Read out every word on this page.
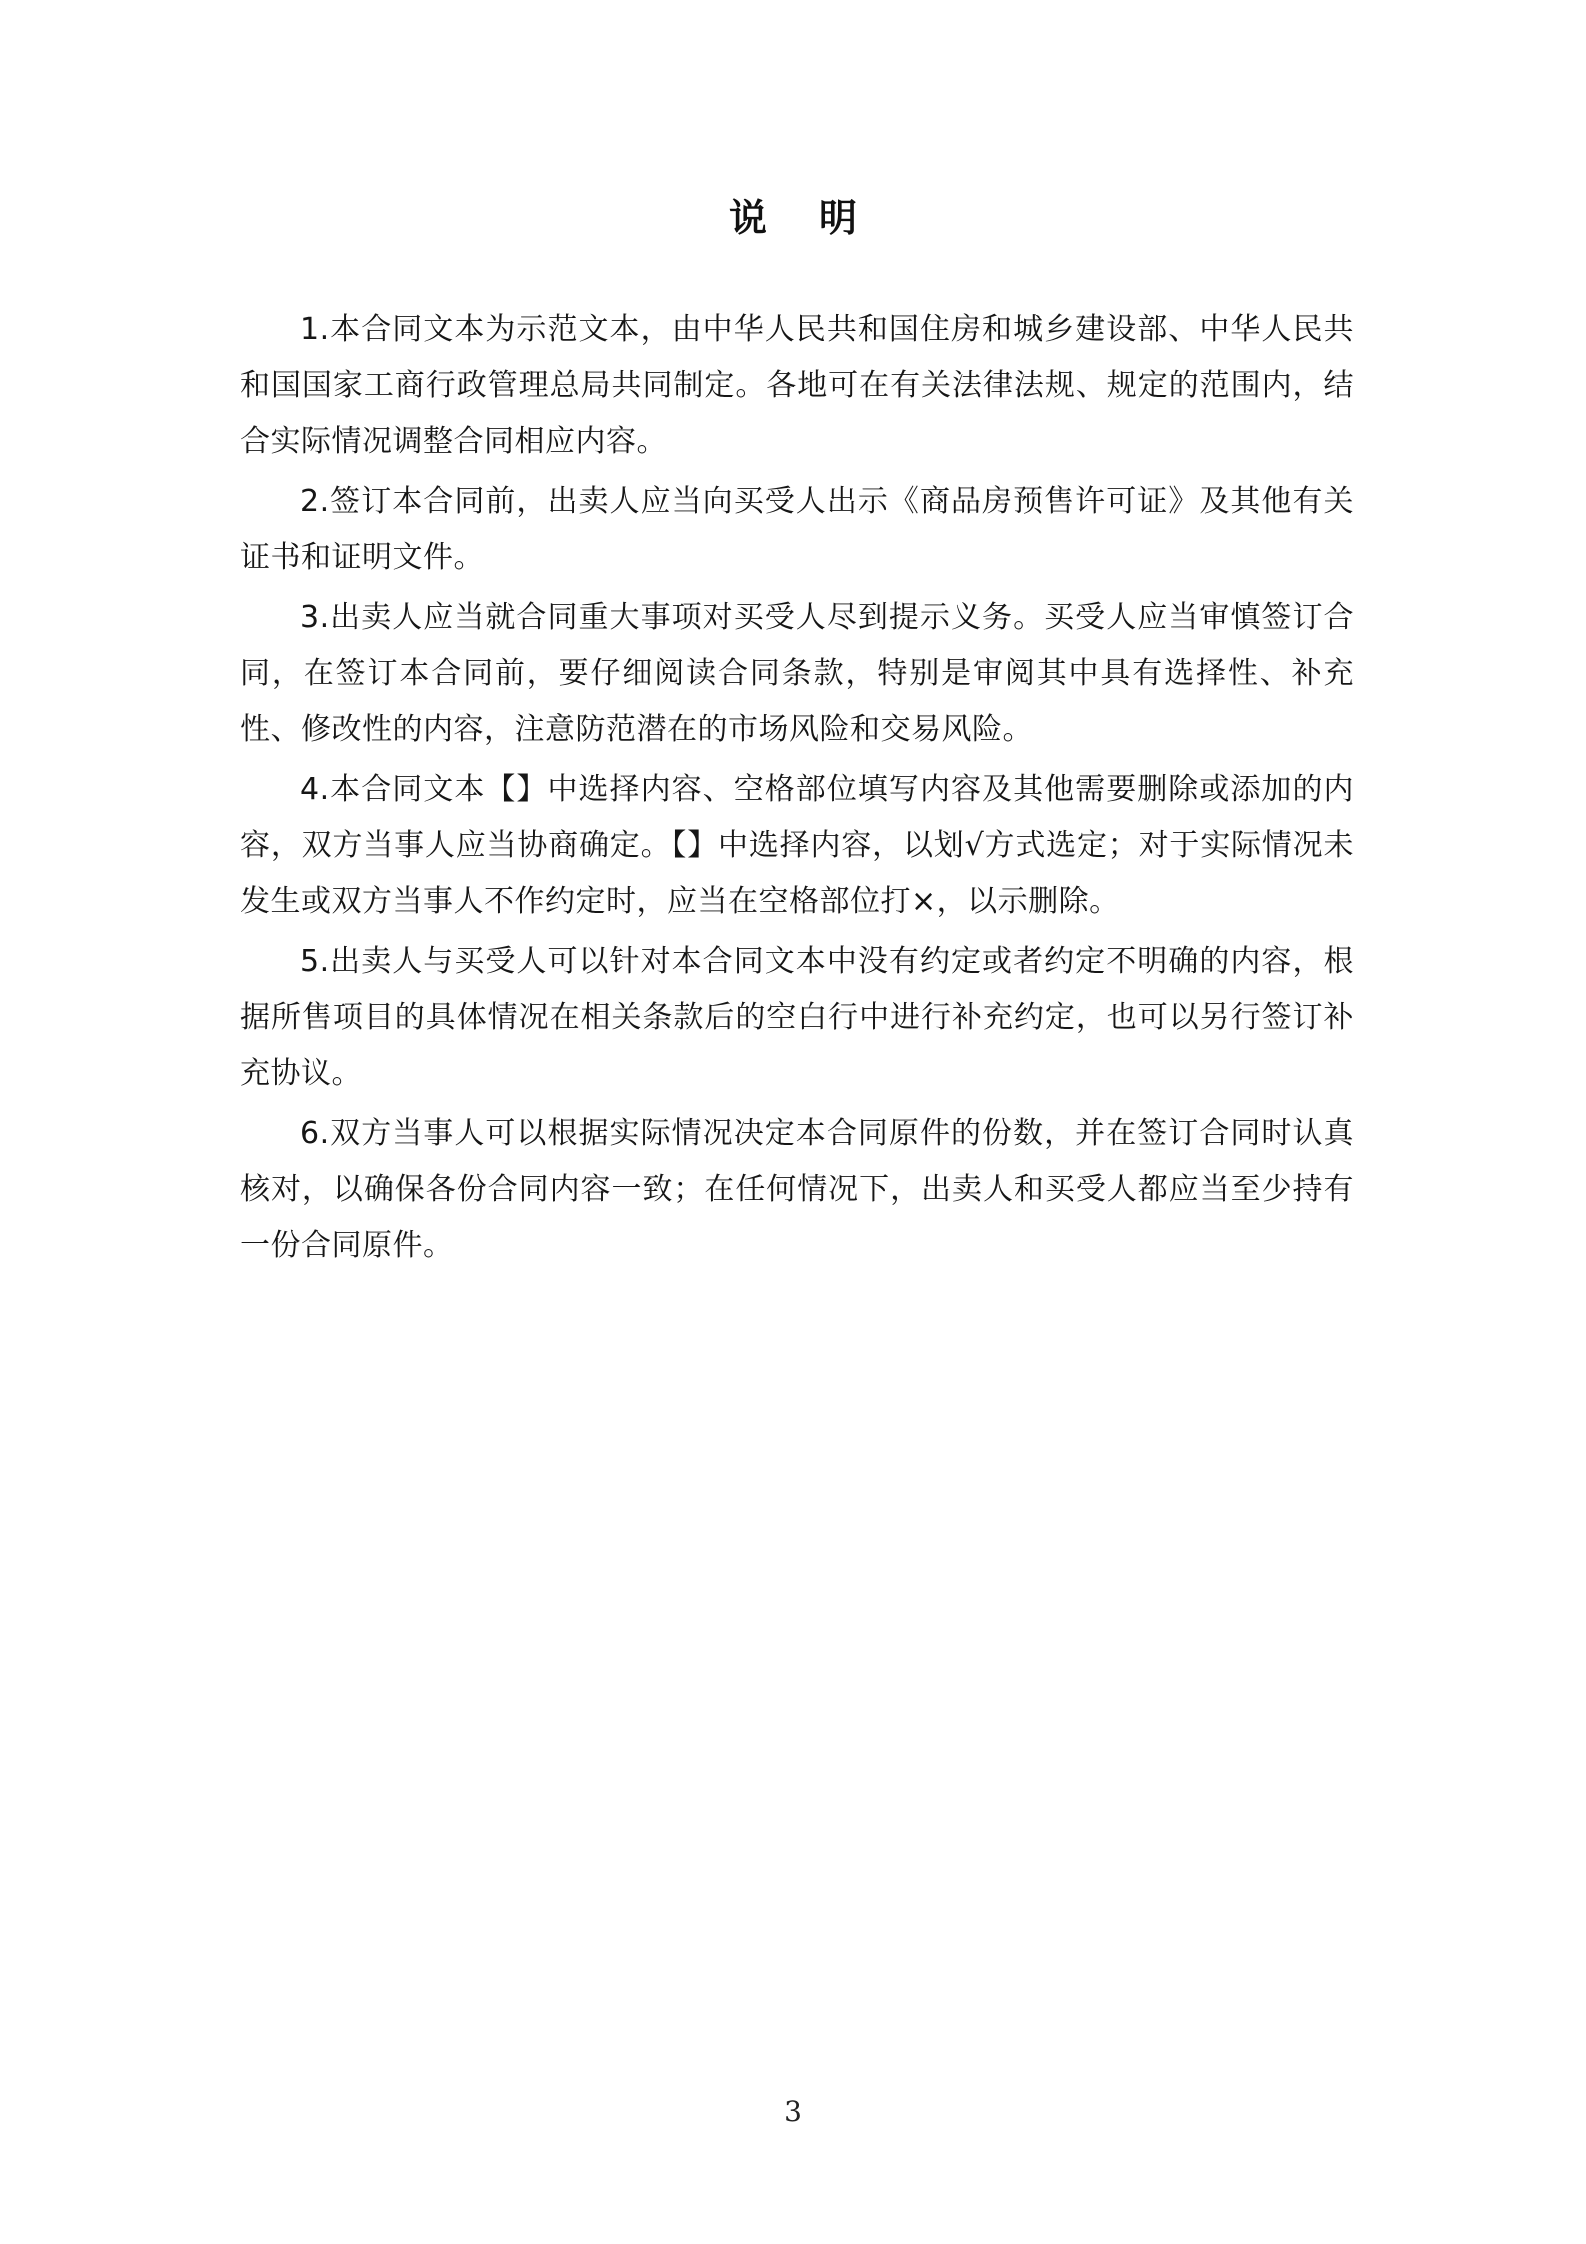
说明

1.本合同文本为示范文本，由中华人民共和国住房和城乡建设部、中华人民共和国国家工商行政管理总局共同制定。各地可在有关法律法规、规定的范围内，结合实际情况调整合同相应内容。

2.签订本合同前，出卖人应当向买受人出示《商品房预售许可证》及其他有关证书和证明文件。

3.出卖人应当就合同重大事项对买受人尽到提示义务。买受人应当审慎签订合同，在签订本合同前，要仔细阅读合同条款，特别是审阅其中具有选择性、补充性、修改性的内容，注意防范潜在的市场风险和交易风险。

4.本合同文本【】中选择内容、空格部位填写内容及其他需要删除或添加的内容，双方当事人应当协商确定。【】中选择内容，以划√方式选定；对于实际情况未发生或双方当事人不作约定时，应当在空格部位打×，以示删除。

5.出卖人与买受人可以针对本合同文本中没有约定或者约定不明确的内容，根据所售项目的具体情况在相关条款后的空白行中进行补充约定，也可以另行签订补充协议。

6.双方当事人可以根据实际情况决定本合同原件的份数，并在签订合同时认真核对，以确保各份合同内容一致；在任何情况下，出卖人和买受人都应当至少持有一份合同原件。

3
